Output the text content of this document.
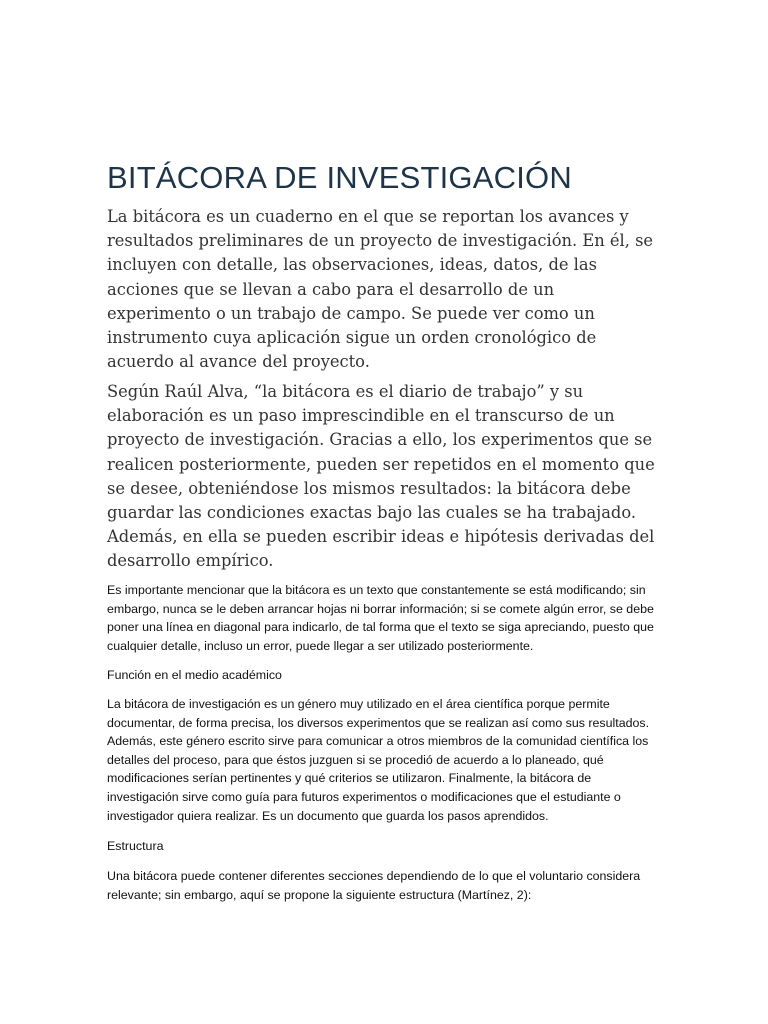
BITÁCORA DE INVESTIGACIÓN

La bitácora es un cuaderno en el que se reportan los avances y resultados preliminares de un proyecto de investigación. En él, se incluyen con detalle, las observaciones, ideas, datos, de las acciones que se llevan a cabo para el desarrollo de un experimento o un trabajo de campo. Se puede ver como un instrumento cuya aplicación sigue un orden cronológico de acuerdo al avance del proyecto.

Según Raúl Alva, “la bitácora es el diario de trabajo” y su elaboración es un paso imprescindible en el transcurso de un proyecto de investigación. Gracias a ello, los experimentos que se realicen posteriormente, pueden ser repetidos en el momento que se desee, obteniéndose los mismos resultados: la bitácora debe guardar las condiciones exactas bajo las cuales se ha trabajado. Además, en ella se pueden escribir ideas e hipótesis derivadas del desarrollo empírico.

Es importante mencionar que la bitácora es un texto que constantemente se está modificando; sin embargo, nunca se le deben arrancar hojas ni borrar información; si se comete algún error, se debe poner una línea en diagonal para indicarlo, de tal forma que el texto se siga apreciando, puesto que cualquier detalle, incluso un error, puede llegar a ser utilizado posteriormente.

Función en el medio académico

La bitácora de investigación es un género muy utilizado en el área científica porque permite documentar, de forma precisa, los diversos experimentos que se realizan así como sus resultados. Además, este género escrito sirve para comunicar a otros miembros de la comunidad científica los detalles del proceso, para que éstos juzguen si se procedió de acuerdo a lo planeado, qué modificaciones serían pertinentes y qué criterios se utilizaron. Finalmente, la bitácora de investigación sirve como guía para futuros experimentos o modificaciones que el estudiante o investigador quiera realizar. Es un documento que guarda los pasos aprendidos.

Estructura

Una bitácora puede contener diferentes secciones dependiendo de lo que el voluntario considera relevante; sin embargo, aquí se propone la siguiente estructura (Martínez, 2):
